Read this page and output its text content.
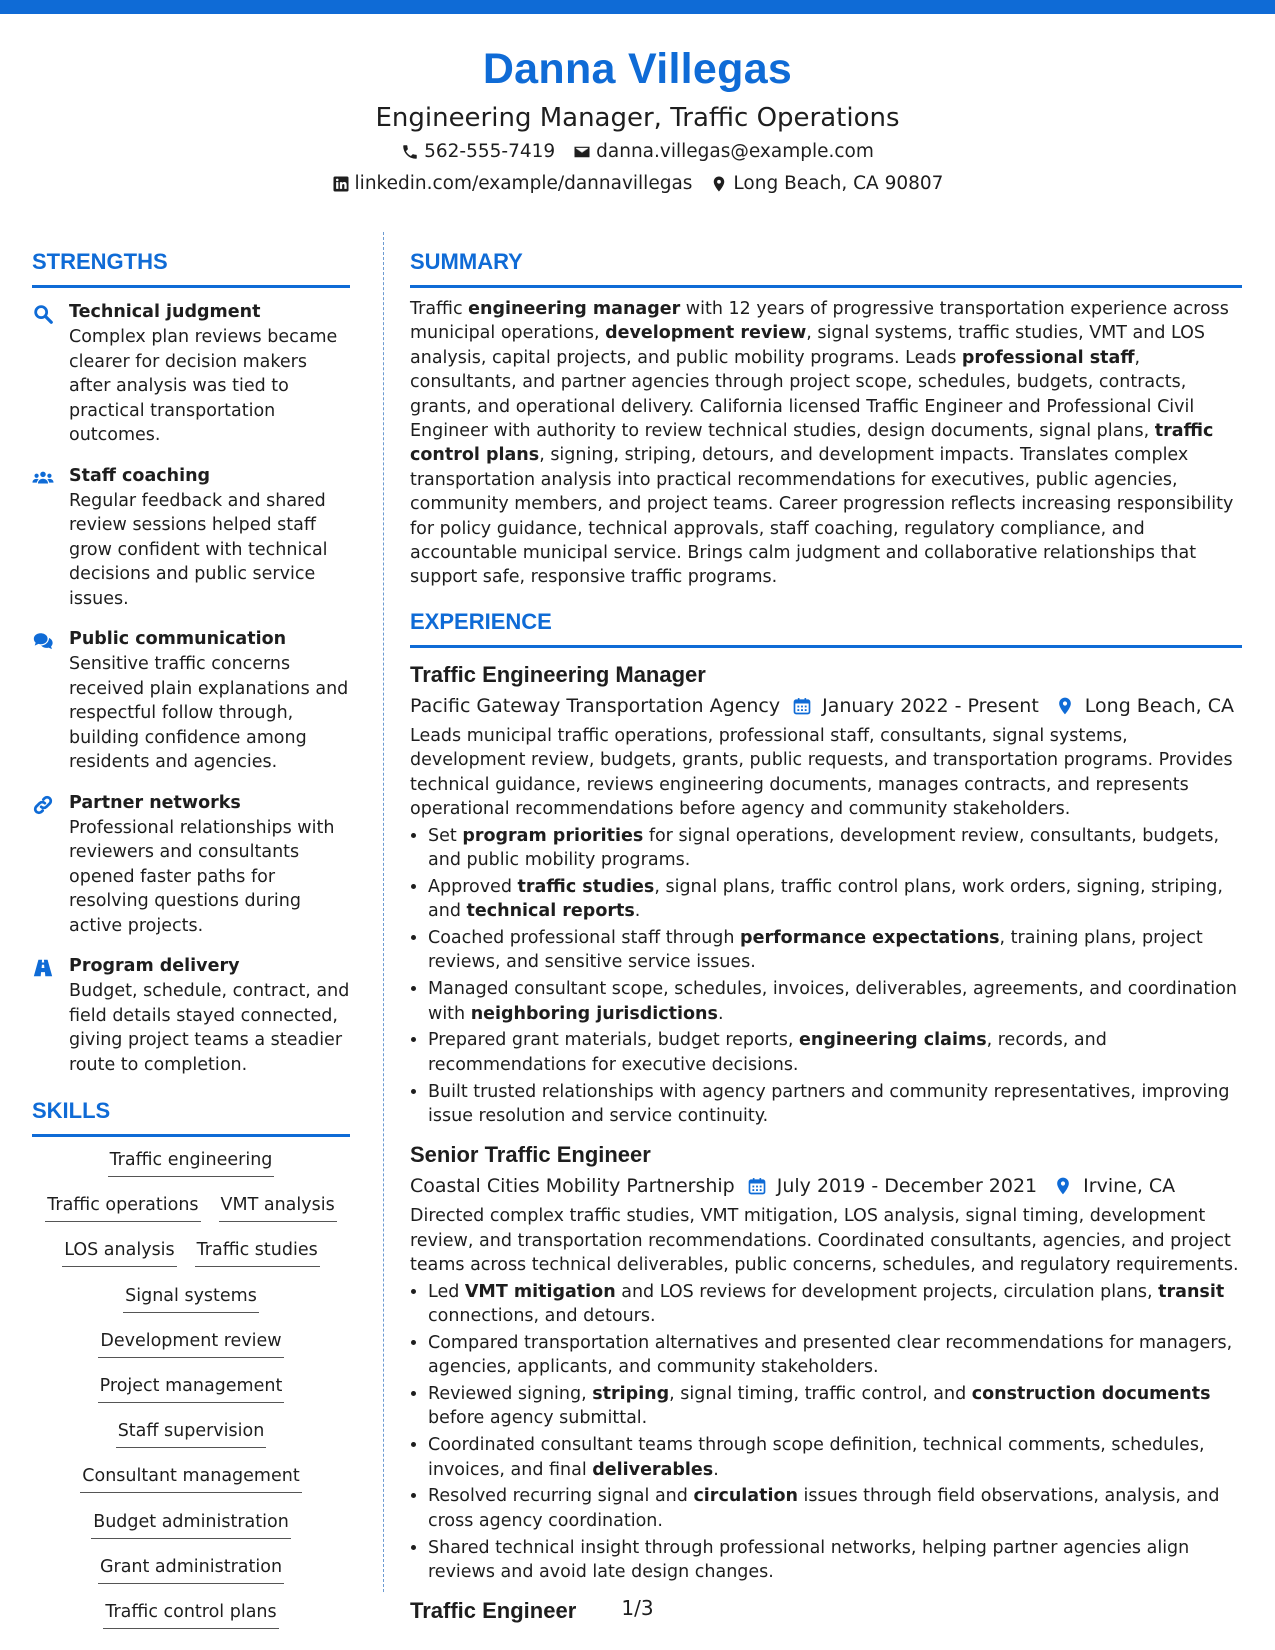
Danna Villegas
Engineering Manager, Traffic Operations
562-555-7419 danna.villegas@example.com
linkedin.com/example/dannavillegas Long Beach, CA 90807
STRENGTHS
Technical judgment
Complex plan reviews became clearer for decision makers after analysis was tied to practical transportation outcomes.
Staff coaching
Regular feedback and shared review sessions helped staff grow confident with technical decisions and public service issues.
Public communication
Sensitive traffic concerns received plain explanations and respectful follow through, building confidence among residents and agencies.
Partner networks
Professional relationships with reviewers and consultants opened faster paths for resolving questions during active projects.
Program delivery
Budget, schedule, contract, and field details stayed connected, giving project teams a steadier route to completion.
SKILLS
Traffic engineering
Traffic operations VMT analysis
LOS analysis Traffic studies
Signal systems
Development review
Project management
Staff supervision
Consultant management
Budget administration
Grant administration
Traffic control plans
SUMMARY
Traffic engineering manager with 12 years of progressive transportation experience across municipal operations, development review, signal systems, traffic studies, VMT and LOS analysis, capital projects, and public mobility programs. Leads professional staff, consultants, and partner agencies through project scope, schedules, budgets, contracts, grants, and operational delivery. California licensed Traffic Engineer and Professional Civil Engineer with authority to review technical studies, design documents, signal plans, traffic control plans, signing, striping, detours, and development impacts. Translates complex transportation analysis into practical recommendations for executives, public agencies, community members, and project teams. Career progression reflects increasing responsibility for policy guidance, technical approvals, staff coaching, regulatory compliance, and accountable municipal service. Brings calm judgment and collaborative relationships that support safe, responsive traffic programs.
EXPERIENCE
Traffic Engineering Manager
Pacific Gateway Transportation Agency January 2022 - Present Long Beach, CA
Leads municipal traffic operations, professional staff, consultants, signal systems, development review, budgets, grants, public requests, and transportation programs. Provides technical guidance, reviews engineering documents, manages contracts, and represents operational recommendations before agency and community stakeholders.
• Set program priorities for signal operations, development review, consultants, budgets, and public mobility programs.
• Approved traffic studies, signal plans, traffic control plans, work orders, signing, striping, and technical reports.
• Coached professional staff through performance expectations, training plans, project reviews, and sensitive service issues.
• Managed consultant scope, schedules, invoices, deliverables, agreements, and coordination with neighboring jurisdictions.
• Prepared grant materials, budget reports, engineering claims, records, and recommendations for executive decisions.
• Built trusted relationships with agency partners and community representatives, improving issue resolution and service continuity.
Senior Traffic Engineer
Coastal Cities Mobility Partnership July 2019 - December 2021 Irvine, CA
Directed complex traffic studies, VMT mitigation, LOS analysis, signal timing, development review, and transportation recommendations. Coordinated consultants, agencies, and project teams across technical deliverables, public concerns, schedules, and regulatory requirements.
• Led VMT mitigation and LOS reviews for development projects, circulation plans, transit connections, and detours.
• Compared transportation alternatives and presented clear recommendations for managers, agencies, applicants, and community stakeholders.
• Reviewed signing, striping, signal timing, traffic control, and construction documents before agency submittal.
• Coordinated consultant teams through scope definition, technical comments, schedules, invoices, and final deliverables.
• Resolved recurring signal and circulation issues through field observations, analysis, and cross agency coordination.
• Shared technical insight through professional networks, helping partner agencies align reviews and avoid late design changes.
Traffic Engineer	1/3
